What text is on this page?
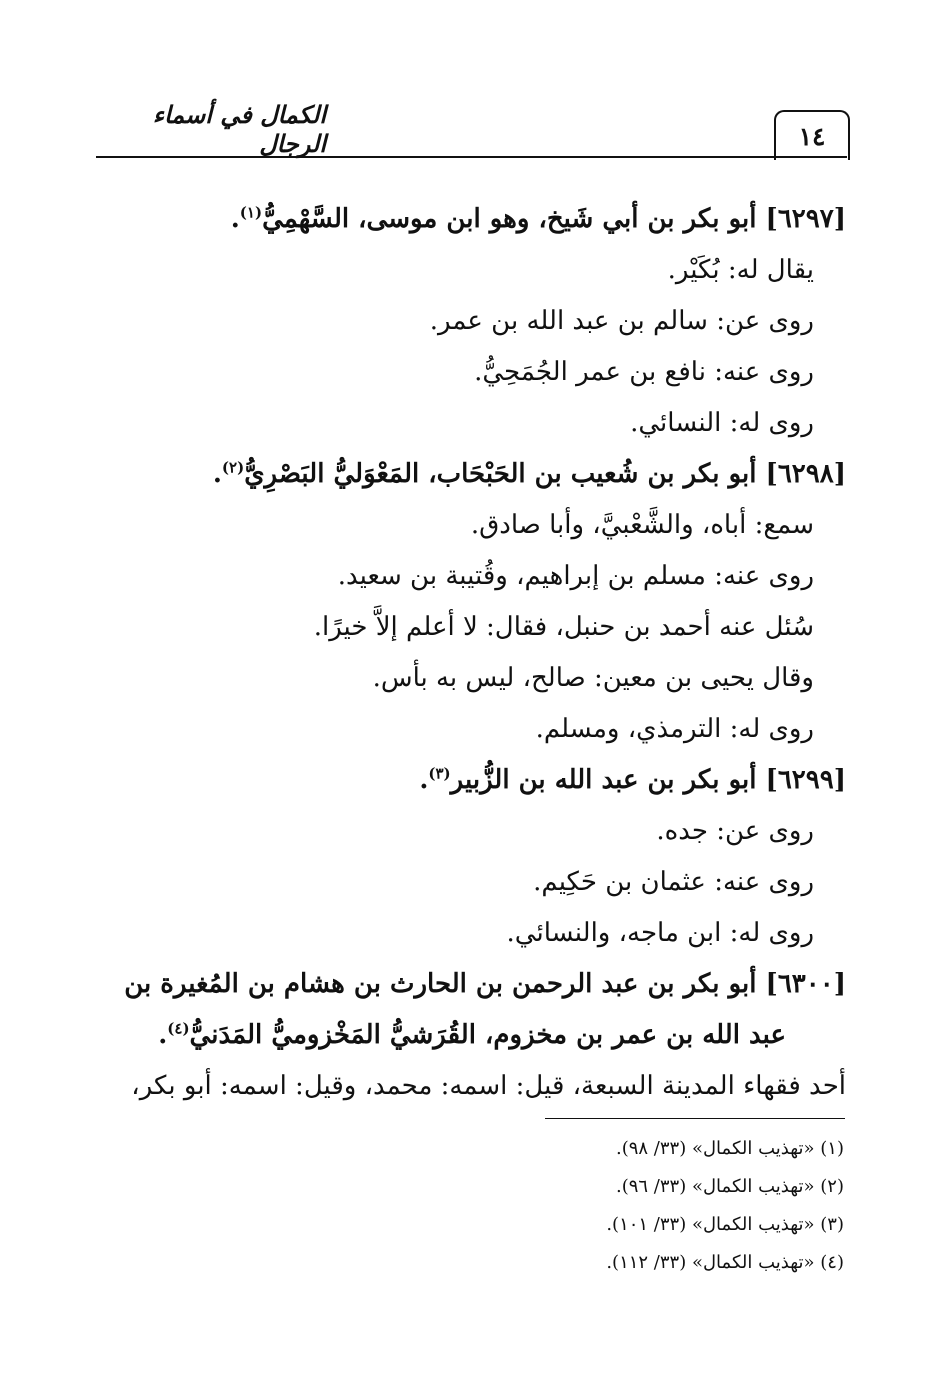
١٤
الكمال في أسماء الرجال
[٦٢٩٧] أبو بكر بن أبي شَيخ، وهو ابن موسى، السَّهْمِيُّ$^{(١)}$.
يقال له: بُكَيْر.
روى عن: سالم بن عبد الله بن عمر.
روى عنه: نافع بن عمر الجُمَحِيُّ.
روى له: النسائي.
[٦٢٩٨] أبو بكر بن شُعيب بن الحَبْحَاب، المَعْوَليُّ البَصْرِيُّ$^{(٢)}$.
سمع: أباه، والشَّعْبيَّ، وأبا صادق.
روى عنه: مسلم بن إبراهيم، وقُتيبة بن سعيد.
سُئل عنه أحمد بن حنبل، فقال: لا أعلم إلاَّ خيرًا.
وقال يحيى بن معين: صالح، ليس به بأس.
روى له: الترمذي، ومسلم.
[٦٢٩٩] أبو بكر بن عبد الله بن الزُّبير$^{(٣)}$.
روى عن: جده.
روى عنه: عثمان بن حَكِيم.
روى له: ابن ماجه، والنسائي.
[٦٣٠٠] أبو بكر بن عبد الرحمن بن الحارث بن هشام بن المُغيرة بن
عبد الله بن عمر بن مخزوم، القُرَشيُّ المَخْزوميُّ المَدَنيُّ$^{(٤)}$.
أحد فقهاء المدينة السبعة، قيل: اسمه: محمد، وقيل: اسمه: أبو بكر،
(١) «تهذيب الكمال» (٣٣/ ٩٨).
(٢) «تهذيب الكمال» (٣٣/ ٩٦).
(٣) «تهذيب الكمال» (٣٣/ ١٠١).
(٤) «تهذيب الكمال» (٣٣/ ١١٢).
